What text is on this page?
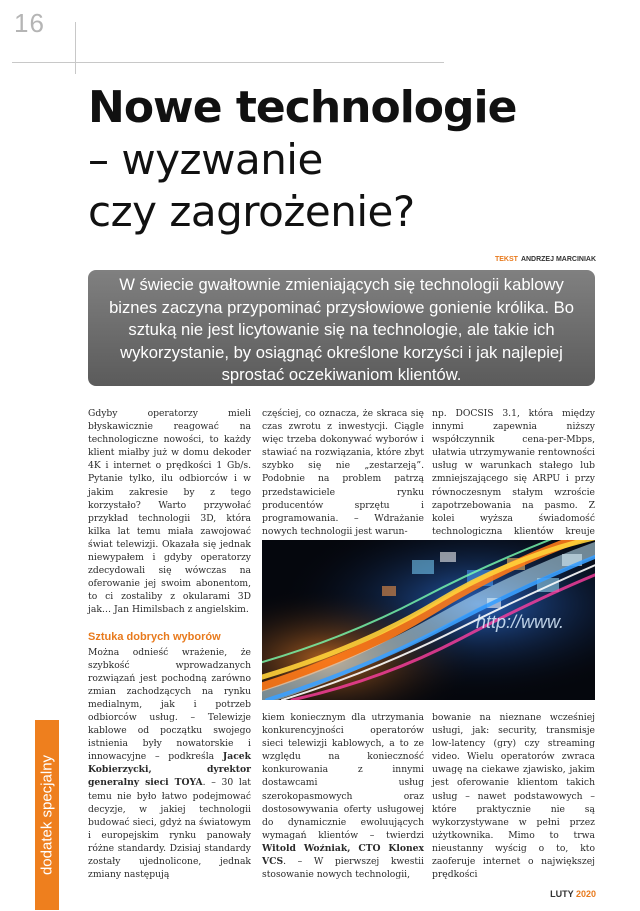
16
Nowe technologie
– wyzwanie
czy zagrożenie?
TEKST ANDRZEJ MARCINIAK
W świecie gwałtownie zmieniających się technologii kablowy biznes zaczyna przypominać przysłowiowe gonienie królika. Bo sztuką nie jest licytowanie się na technologie, ale takie ich wykorzystanie, by osiągnąć określone korzyści i jak najlepiej sprostać oczekiwaniom klientów.

Gdyby operatorzy mieli błyskawicznie reagować na technologiczne nowości, to każdy klient miałby już w domu dekoder 4K i internet o prędkości 1 Gb/s. Pytanie tylko, ilu odbiorców i w jakim zakresie by z tego korzystało? Warto przywołać przykład technologii 3D, która kilka lat temu miała zawojować świat telewizji. Okazała się jednak niewypałem i gdyby operatorzy zdecydowali się wówczas na oferowanie jej swoim abonentom, to ci zostaliby z okularami 3D jak… Jan Himilsbach z angielskim.

Sztuka dobrych wyborów

Można odnieść wrażenie, że szybkość wprowadzanych rozwiązań jest pochodną zarówno zmian zachodzących na rynku medialnym, jak i potrzeb odbiorców usług. – Telewizje kablowe od początku swojego istnienia były nowatorskie i innowacyjne – podkreśla Jacek Kobierzycki, dyrektor generalny sieci TOYA. – 30 lat temu nie było łatwo podejmować decyzje, w jakiej technologii budować sieci, gdyż na światowym i europejskim rynku panowały różne standardy. Dzisiaj standardy zostały ujednolicone, jednak zmiany następują

częściej, co oznacza, że skraca się czas zwrotu z inwestycji. Ciągle więc trzeba dokonywać wyborów i stawiać na rozwiązania, które zbyt szybko się nie „zestarzeją”. Podobnie na problem patrzą przedstawiciele rynku producentów sprzętu i programowania. – Wdrażanie nowych technologii jest warun-

np. DOCSIS 3.1, która między innymi zapewnia niższy współczynnik cena-per-Mbps, ułatwia utrzymywanie rentowności usług w warunkach stałego lub zmniejszającego się ARPU i przy równoczesnym stałym wzroście zapotrzebowania na pasmo. Z kolei wyższa świadomość technologiczna klientów kreuje

http://www.

kiem koniecznym dla utrzymania konkurencyjności operatorów sieci telewizji kablowych, a to ze względu na konieczność konkurowania z innymi dostawcami usług szerokopasmowych oraz dostosowywania oferty usługowej do dynamicznie ewoluujących wymagań klientów – twierdzi Witold Woźniak, CTO Klonex VCS. – W pierwszej kwestii stosowanie nowych technologii,

bowanie na nieznane wcześniej usługi, jak: security, transmisje low-latency (gry) czy streaming video. Wielu operatorów zwraca uwagę na ciekawe zjawisko, jakim jest oferowanie klientom takich usług – nawet podstawowych – które praktycznie nie są wykorzystywane w pełni przez użytkownika. Mimo to trwa nieustanny wyścig o to, kto zaoferuje internet o największej prędkości

dodatek specjalny
LUTY 2020
